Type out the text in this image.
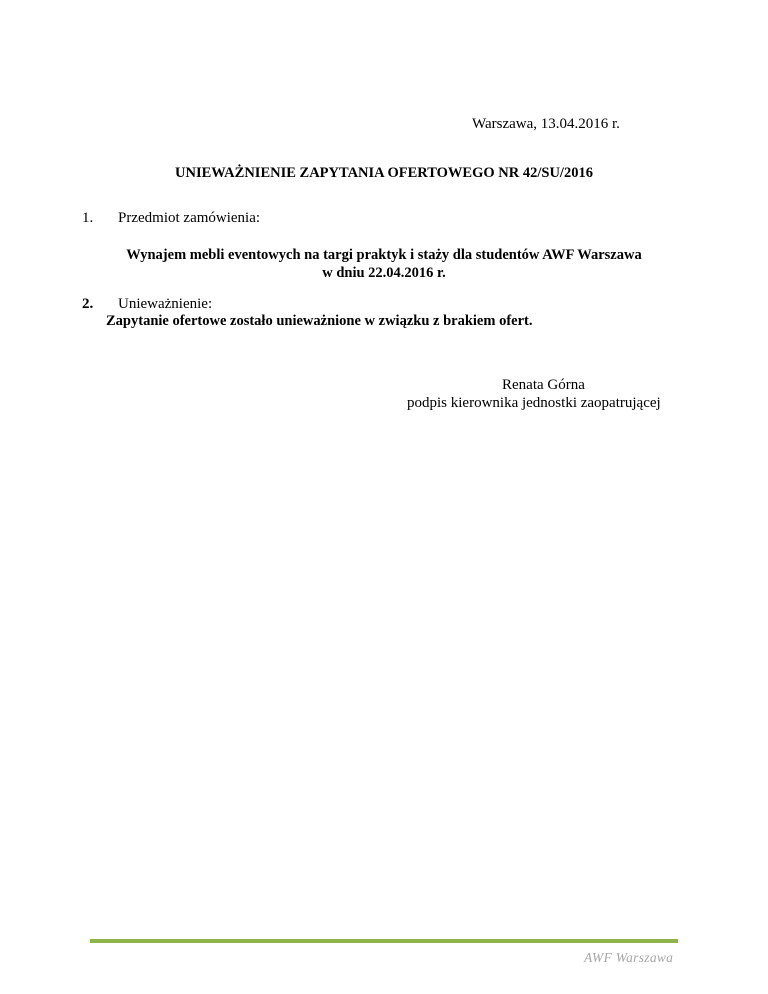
Warszawa, 13.04.2016 r.
UNIEWAŻNIENIE ZAPYTANIA OFERTOWEGO NR 42/SU/2016
1. Przedmiot zamówienia:
Wynajem mebli eventowych na targi praktyk i staży dla studentów AWF Warszawa
w dniu 22.04.2016 r.
2. Unieważnienie:
Zapytanie ofertowe zostało unieważnione w związku z brakiem ofert.
Renata Górna
podpis kierownika jednostki zaopatrującej
AWF Warszawa
